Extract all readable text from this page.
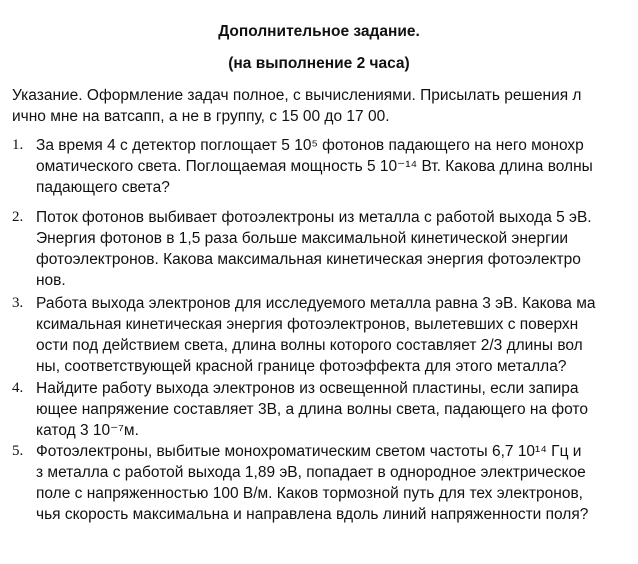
Дополнительное задание.
(на выполнение 2 часа)
Указание. Оформление задач полное, с вычислениями. Присылать решения л
ично мне на ватсапп, а не в группу, с 15 00 до 17 00.
1. За время 4 с детектор поглощает 5 10⁵ фотонов падающего на него монохр
оматического света. Поглощаемая мощность 5 10⁻¹⁴ Вт. Какова длина волны
падающего света?
2. Поток фотонов выбивает фотоэлектроны из металла с работой выхода 5 эВ.
Энергия фотонов в 1,5 раза больше максимальной кинетической энергии
фотоэлектронов. Какова максимальная кинетическая энергия фотоэлектро
нов.
3. Работа выхода электронов для исследуемого металла равна 3 эВ. Какова ма
ксимальная кинетическая энергия фотоэлектронов, вылетевших с поверхн
ости под действием света, длина волны которого составляет 2/3 длины вол
ны, соответствующей красной границе фотоэффекта для этого металла?
4. Найдите работу выхода электронов из освещенной пластины, если запира
ющее напряжение составляет 3В, а длина волны света, падающего на фото
катод 3 10⁻⁷м.
5. Фотоэлектроны, выбитые монохроматическим светом частоты 6,7 10¹⁴ Гц и
з металла с работой выхода 1,89 эВ, попадает в однородное электрическое
поле с напряженностью 100 В/м. Каков тормозной путь для тех электронов,
чья скорость максимальна и направлена вдоль линий напряженности поля?
